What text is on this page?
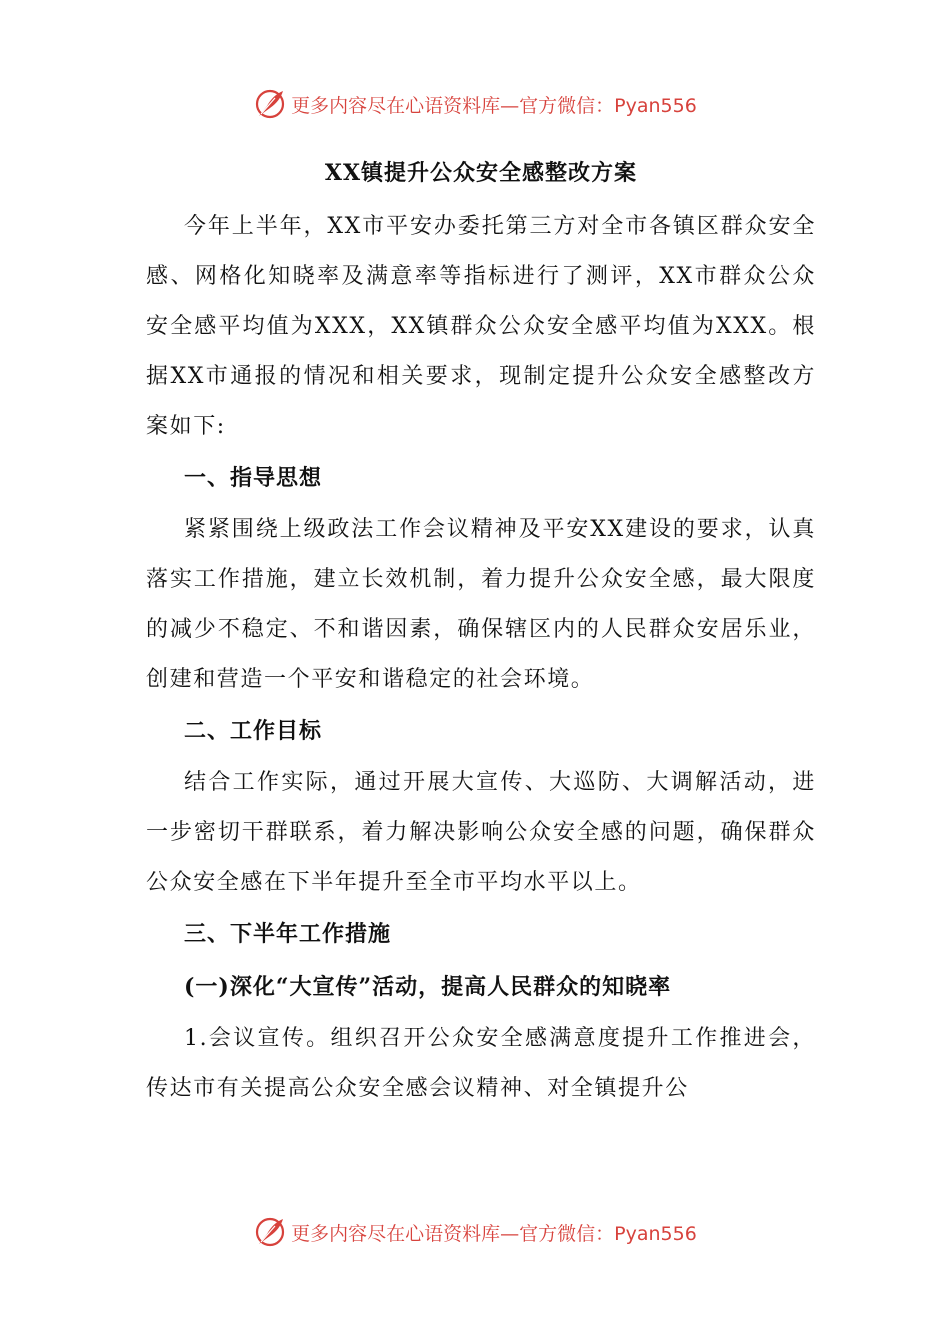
更多内容尽在心语资料库—官方微信：Pyan556

XX镇提升公众安全感整改方案

今年上半年，XX市平安办委托第三方对全市各镇区群众安全感、网格化知晓率及满意率等指标进行了测评，XX市群众公众安全感平均值为XXX，XX镇群众公众安全感平均值为XXX。根据XX市通报的情况和相关要求，现制定提升公众安全感整改方案如下:

一、指导思想

紧紧围绕上级政法工作会议精神及平安XX建设的要求，认真落实工作措施，建立长效机制，着力提升公众安全感，最大限度的减少不稳定、不和谐因素，确保辖区内的人民群众安居乐业，创建和营造一个平安和谐稳定的社会环境。

二、工作目标

结合工作实际，通过开展大宣传、大巡防、大调解活动，进一步密切干群联系，着力解决影响公众安全感的问题，确保群众公众安全感在下半年提升至全市平均水平以上。

三、下半年工作措施

(一)深化“大宣传”活动，提高人民群众的知晓率

1.会议宣传。组织召开公众安全感满意度提升工作推进会，传达市有关提高公众安全感会议精神、对全镇提升公

更多内容尽在心语资料库—官方微信：Pyan556
